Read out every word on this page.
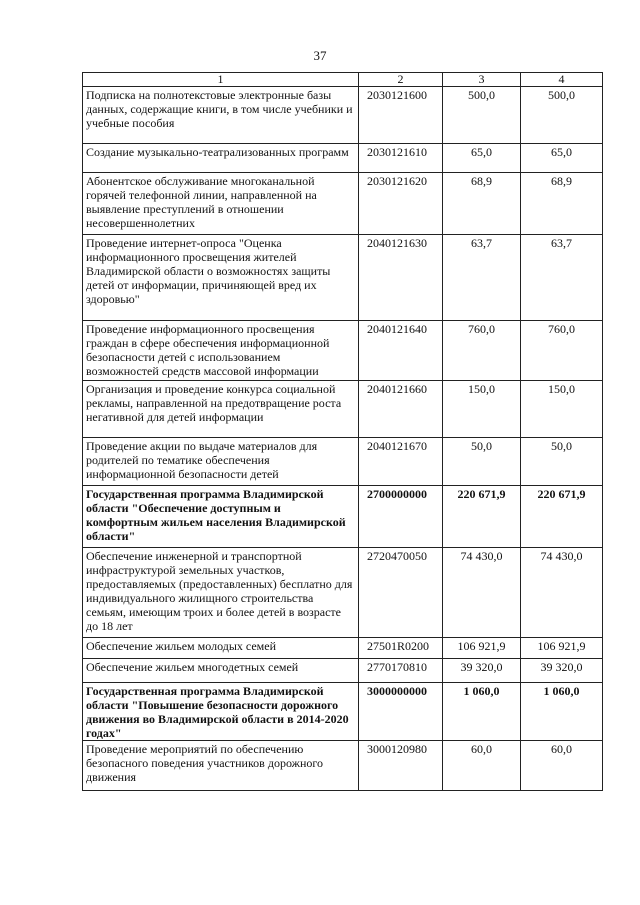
37
1	2	3	4
Подписка на полнотекстовые электронные базы данных, содержащие книги, в том числе учебники и учебные пособия	2030121600	500,0	500,0
Создание музыкально-театрализованных программ	2030121610	65,0	65,0
Абонентское обслуживание многоканальной горячей телефонной линии, направленной на выявление преступлений в отношении несовершеннолетних	2030121620	68,9	68,9
Проведение интернет-опроса "Оценка информационного просвещения жителей Владимирской области о возможностях защиты детей от информации, причиняющей вред их здоровью"	2040121630	63,7	63,7
Проведение информационного просвещения граждан в сфере обеспечения информационной безопасности детей с использованием возможностей средств массовой информации	2040121640	760,0	760,0
Организация и проведение конкурса социальной рекламы, направленной на предотвращение роста негативной для детей информации	2040121660	150,0	150,0
Проведение акции по выдаче материалов для родителей по тематике обеспечения информационной безопасности детей	2040121670	50,0	50,0
Государственная программа Владимирской области "Обеспечение доступным и комфортным жильем населения Владимирской области"	2700000000	220 671,9	220 671,9
Обеспечение инженерной и транспортной инфраструктурой земельных участков, предоставляемых (предоставленных) бесплатно для индивидуального жилищного строительства семьям, имеющим троих и более детей в возрасте до 18 лет	2720470050	74 430,0	74 430,0
Обеспечение жильем молодых семей	27501R0200	106 921,9	106 921,9
Обеспечение жильем многодетных семей	2770170810	39 320,0	39 320,0
Государственная программа Владимирской области "Повышение безопасности дорожного движения во Владимирской области в 2014-2020 годах"	3000000000	1 060,0	1 060,0
Проведение мероприятий по обеспечению безопасного поведения участников дорожного движения	3000120980	60,0	60,0
